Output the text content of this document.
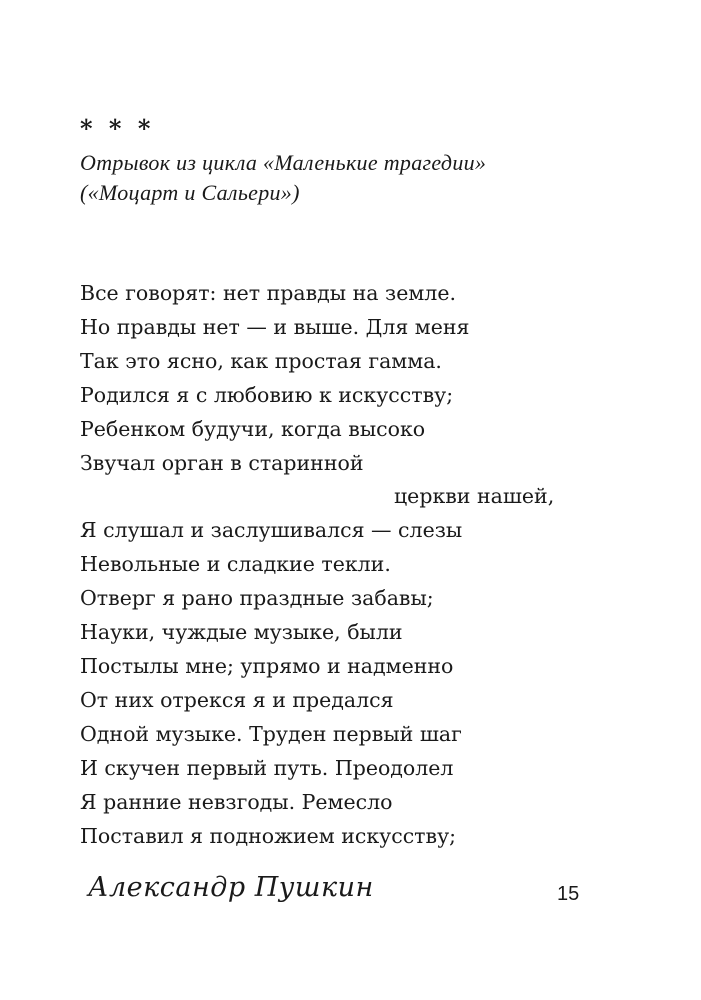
* * *
Отрывок из цикла «Маленькие трагедии»
(«Моцарт и Сальери»)
Все говорят: нет правды на земле.
Но правды нет — и выше. Для меня
Так это ясно, как простая гамма.
Родился я с любовию к искусству;
Ребенком будучи, когда высоко
Звучал орган в старинной
церкви нашей,
Я слушал и заслушивался — слезы
Невольные и сладкие текли.
Отверг я рано праздные забавы;
Науки, чуждые музыке, были
Постылы мне; упрямо и надменно
От них отрекся я и предался
Одной музыке. Труден первый шаг
И скучен первый путь. Преодолел
Я ранние невзгоды. Ремесло
Поставил я подножием искусству;
Александр Пушкин	15
